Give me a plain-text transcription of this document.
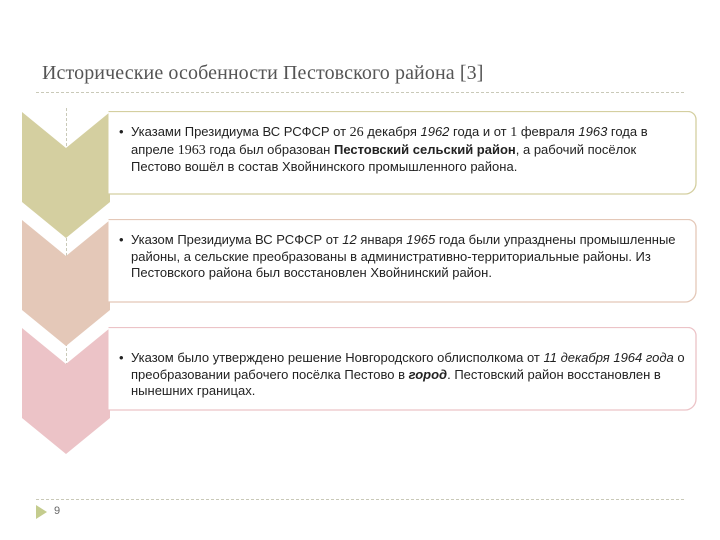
Исторические особенности Пестовского района [3]
• Указами Президиума ВС РСФСР от 26 декабря 1962 года и от 1 февраля 1963 года в апреле 1963 года был образован Пестовский сельский район, а рабочий посёлок Пестово вошёл в состав Хвойнинского промышленного района.
• Указом Президиума ВС РСФСР от 12 января 1965 года были упразднены промышленные районы, а сельские преобразованы в административно-территориальные районы. Из Пестовского района был восстановлен Хвойнинский район.
• Указом было утверждено решение Новгородского облисполкома от 11 декабря 1964 года о преобразовании рабочего посёлка Пестово в город. Пестовский район восстановлен в нынешних границах.
9
